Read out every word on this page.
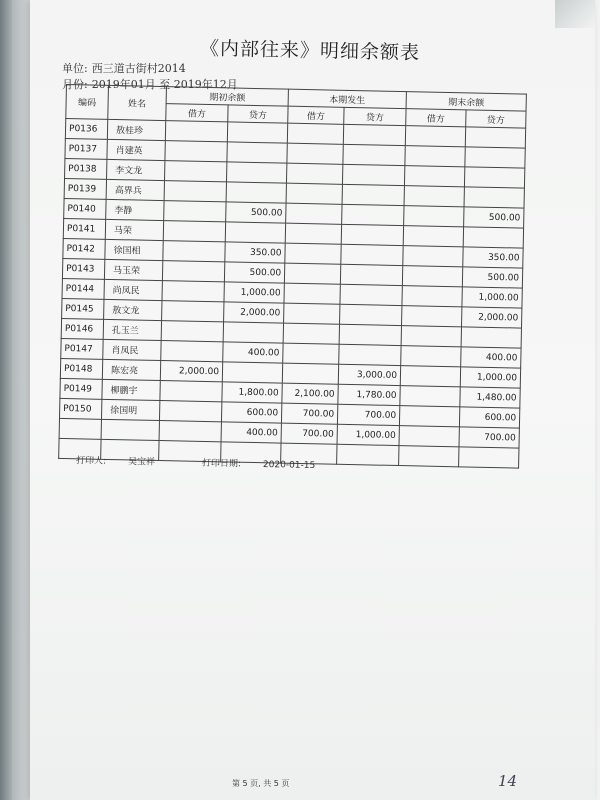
《内部往来》明细余额表
单位: 西三道古街村2014
月份: 2019年01月 至 2019年12月
编码	姓名	期初余额		本期发生		期末余额	
		借方	贷方	借方	贷方	借方	贷方
P0136	敖桂珍						
P0137	肖建英						
P0138	李文龙						
P0139	高界兵						
P0140	李静		500.00				500.00
P0141	马荣						
P0142	徐国相		350.00				350.00
P0143	马玉荣		500.00				500.00
P0144	尚凤民		1,000.00				1,000.00
P0145	敖文龙		2,000.00				2,000.00
P0146	孔玉兰						
P0147	肖凤民		400.00				400.00
P0148	陈宏亮	2,000.00			3,000.00		1,000.00
P0149	柳鹏宇		1,800.00	2,100.00	1,780.00		1,480.00
P0150	徐国明		600.00	700.00	700.00		600.00
			400.00	700.00	1,000.00		700.00

打印人: 吴宝祥	打印日期: 2020-01-15
第 5 页, 共 5 页	14
